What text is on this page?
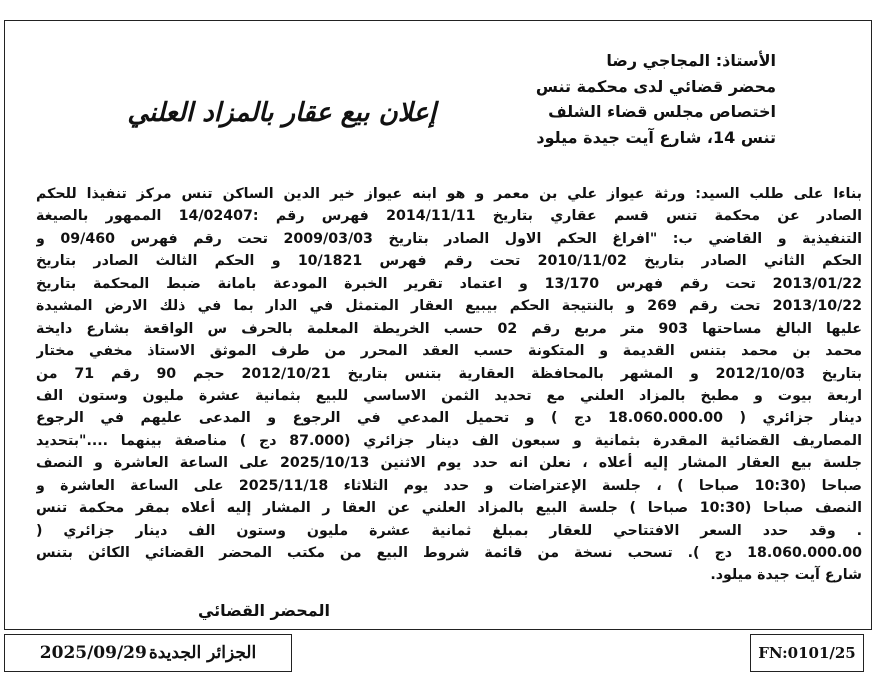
الأستاذ: المجاجي رضا
محضر قضائي لدى محكمة تنس
اختصاص مجلس قضاء الشلف
تنس 14، شارع آيت جيدة ميلود
إعلان بيع عقار بالمزاد العلني
بناءا على طلب السيد: ورثة عيواز علي بن معمر و هو ابنه عيواز خير الدين الساكن تنس مركز تنفيذا للحكم
الصادر عن محكمة تنس قسم عقاري بتاريخ 2014/11/11 فهرس رقم :14/02407 الممهور بالصيغة
التنفيذية و القاضي ب: "افراغ الحكم الاول الصادر بتاريخ 2009/03/03 تحت رقم فهرس 09/460 و
الحكم الثاني الصادر بتاريخ 2010/11/02 تحت رقم فهرس 10/1821 و الحكم الثالث الصادر بتاريخ
2013/01/22 تحت رقم فهرس 13/170 و اعتماد تقرير الخبرة المودعة بامانة ضبط المحكمة بتاريخ
2013/10/22 تحت رقم 269 و بالنتيجة الحكم بيبيع العقار المتمثل في الدار بما في ذلك الارض المشيدة
عليها البالغ مساحتها 903 متر مربع رقم 02 حسب الخريطة المعلمة بالحرف س الواقعة بشارع دايخة
محمد بن محمد بتنس القديمة و المتكونة حسب العقد المحرر من طرف الموثق الاستاذ مخفي مختار
بتاريخ 2012/10/03 و المشهر بالمحافظة العقارية بتنس بتاريخ 2012/10/21 حجم 90 رقم 71 من
اربعة بيوت و مطبخ بالمزاد العلني مع تحديد الثمن الاساسي للبيع بثمانية عشرة مليون وستون الف
دينار جزائري ( 18.060.000.00 دج ) و تحميل المدعي في الرجوع و المدعى عليهم في الرجوع
المصاريف القضائية المقدرة بثمانية و سبعون الف دينار جزائري (87.000 دج ) مناصفة بينهما ...."بتحديد
جلسة بيع العقار المشار إليه أعلاه ، نعلن انه حدد يوم الاثنين 2025/10/13 على الساعة العاشرة و النصف
صباحا (10:30 صباحا ) ، جلسة الإعتراضات و حدد يوم الثلاثاء 2025/11/18 على الساعة العاشرة و
النصف صباحا (10:30 صباحا ) جلسة البيع بالمزاد العلني عن العقا ر المشار إليه أعلاه بمقر محكمة تنس
. وقد حدد السعر الافتتاحي للعقار بمبلغ ثمانية عشرة مليون وستون الف دينار جزائري (
18.060.000.00 دج ). تسحب نسخة من قائمة شروط البيع من مكتب المحضر القضائي الكائن بتنس
شارع آيت جيدة ميلود.
المحضر القضائي
2025/09/29 الجزائر الجديدة	FN:0101/25
